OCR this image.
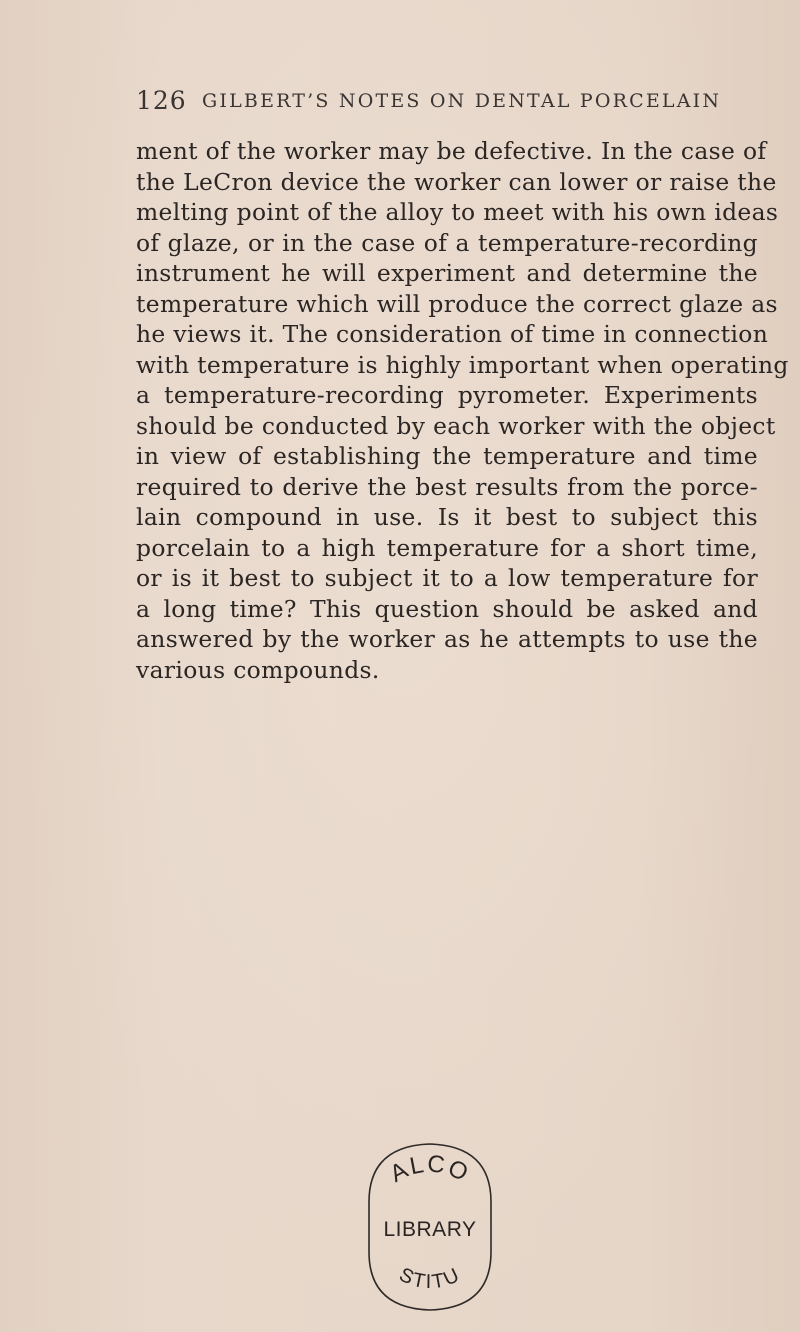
126 GILBERT’S NOTES ON DENTAL PORCELAIN
ment of the worker may be defective. In the case of
the LeCron device the worker can lower or raise the
melting point of the alloy to meet with his own ideas
of glaze, or in the case of a temperature-recording
instrument he will experiment and determine the
temperature which will produce the correct glaze as
he views it. The consideration of time in connection
with temperature is highly important when operating
a temperature-recording pyrometer. Experiments
should be conducted by each worker with the object
in view of establishing the temperature and time
required to derive the best results from the porce-
lain compound in use. Is it best to subject this
porcelain to a high temperature for a short time,
or is it best to subject it to a low temperature for
a long time? This question should be asked and
answered by the worker as he attempts to use the
various compounds.
ALCO
LIBRARY
STITU
